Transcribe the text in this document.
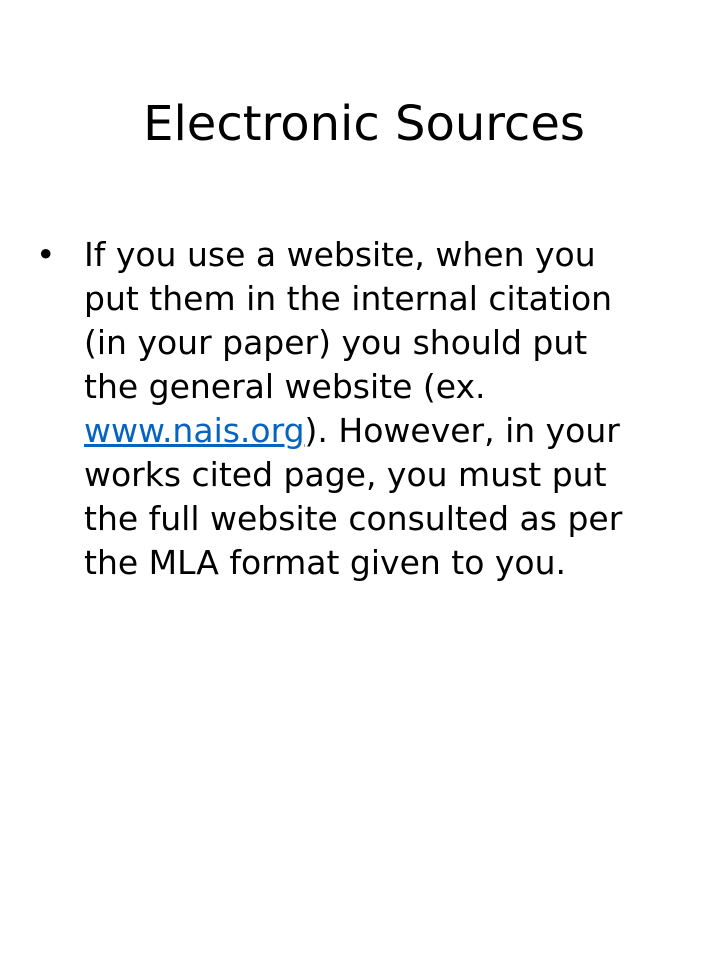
Electronic Sources
• If you use a website, when you
put them in the internal citation
(in your paper) you should put
the general website (ex.
www.nais.org). However, in your
works cited page, you must put
the full website consulted as per
the MLA format given to you.
